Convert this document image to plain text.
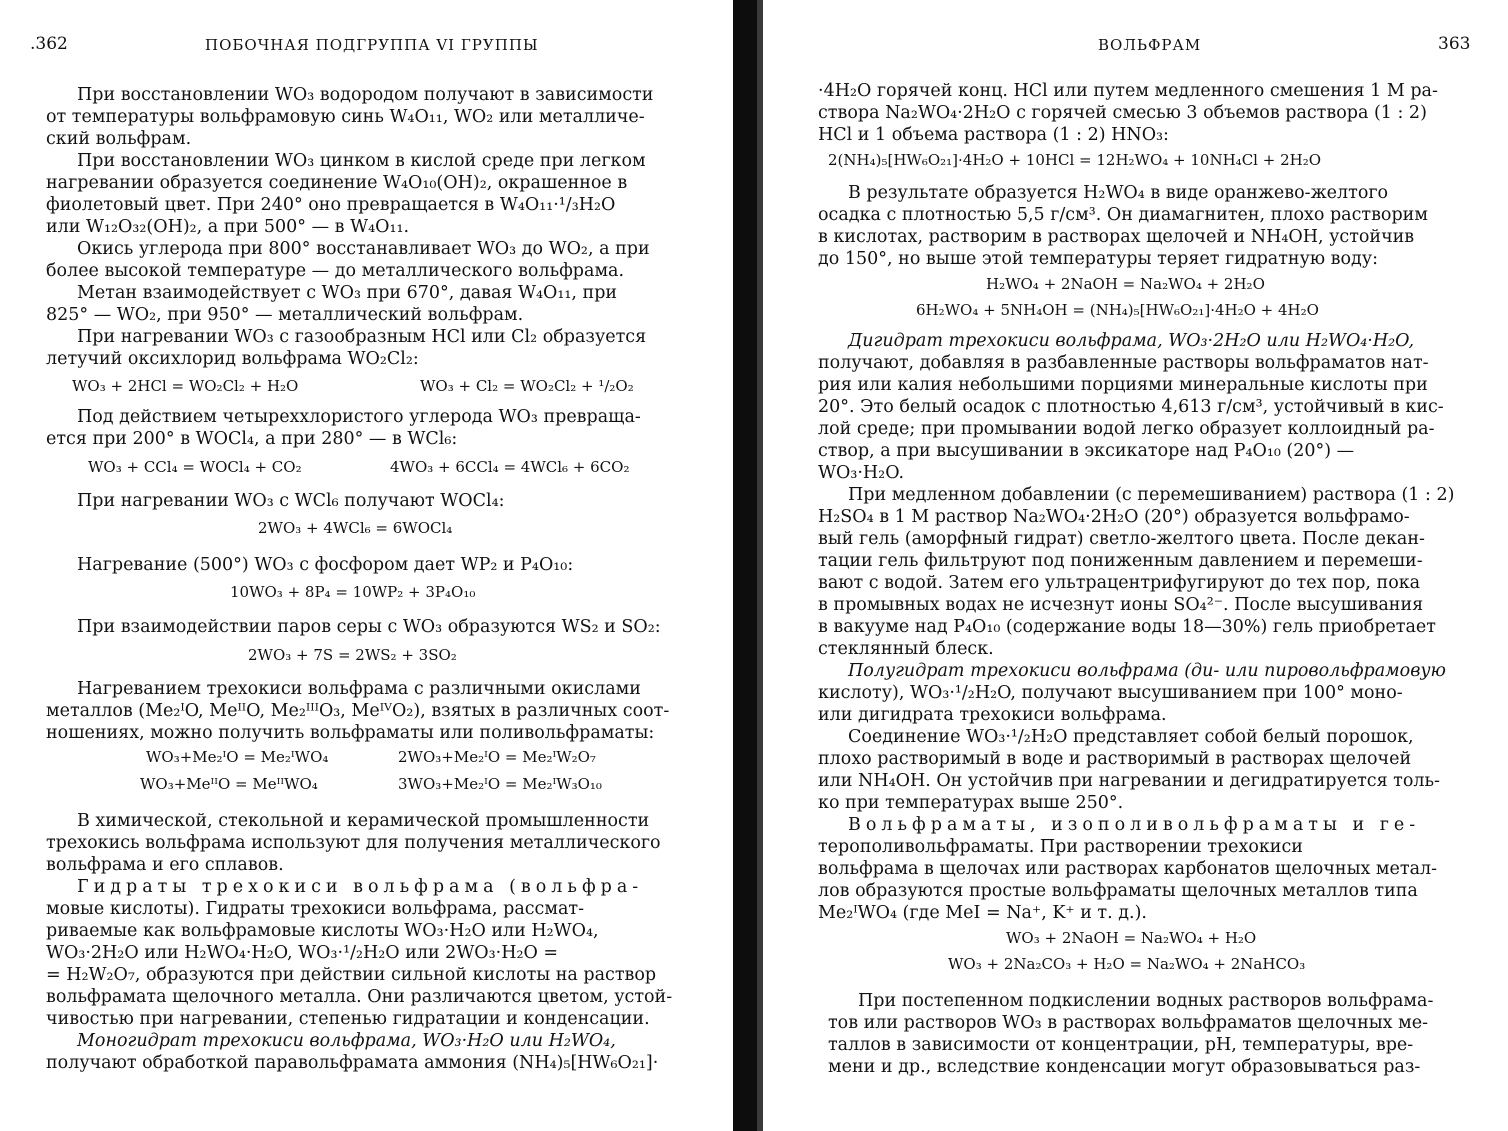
.362	ПОБОЧНАЯ ПОДГРУППА VI ГРУППЫ
При восстановлении WO₃ водородом получают в зависимости
от температуры вольфрамовую синь W₄O₁₁, WO₂ или металличе-
ский вольфрам.
При восстановлении WO₃ цинком в кислой среде при легком
нагревании образуется соединение W₄O₁₀(OH)₂, окрашенное в
фиолетовый цвет. При 240° оно превращается в W₄O₁₁·¹/₃H₂O
или W₁₂O₃₂(OH)₂, а при 500° — в W₄O₁₁.
Окись углерода при 800° восстанавливает WO₃ до WO₂, а при
более высокой температуре — до металлического вольфрама.
Метан взаимодействует с WO₃ при 670°, давая W₄O₁₁, при
825° — WO₂, при 950° — металлический вольфрам.
При нагревании WO₃ с газообразным HCl или Cl₂ образуется
летучий оксихлорид вольфрама WO₂Cl₂:
WO₃ + 2HCl = WO₂Cl₂ + H₂O	WO₃ + Cl₂ = WO₂Cl₂ + ¹/₂O₂
Под действием четыреххлористого углерода WO₃ превраща-
ется при 200° в WOCl₄, а при 280° — в WCl₆:
WO₃ + CCl₄ = WOCl₄ + CO₂	4WO₃ + 6CCl₄ = 4WCl₆ + 6CO₂
При нагревании WO₃ с WCl₆ получают WOCl₄:
2WO₃ + 4WCl₆ = 6WOCl₄
Нагревание (500°) WO₃ с фосфором дает WP₂ и P₄O₁₀:
10WO₃ + 8P₄ = 10WP₂ + 3P₄O₁₀
При взаимодействии паров серы с WO₃ образуются WS₂ и SO₂:
2WO₃ + 7S = 2WS₂ + 3SO₂
Нагреванием трехокиси вольфрама с различными окислами
металлов (Me₂ᴵO, MeᴵᴵO, Me₂ᴵᴵᴵO₃, MeᴵⱽO₂), взятых в различных соот-
ношениях, можно получить вольфраматы или поливольфраматы:
WO₃+Me₂ᴵO = Me₂ᴵWO₄	2WO₃+Me₂ᴵO = Me₂ᴵW₂O₇
WO₃+MeᴵᴵO = MeᴵᴵWO₄	3WO₃+Me₂ᴵO = Me₂ᴵW₃O₁₀
В химической, стекольной и керамической промышленности
трехокись вольфрама используют для получения металлического
вольфрама и его сплавов.
Гидраты трехокиси вольфрама (вольфра-
мовые кислоты). Гидраты трехокиси вольфрама, рассмат-
риваемые как вольфрамовые кислоты WO₃·H₂O или H₂WO₄,
WO₃·2H₂O или H₂WO₄·H₂O, WO₃·¹/₂H₂O или 2WO₃·H₂O =
= H₂W₂O₇, образуются при действии сильной кислоты на раствор
вольфрамата щелочного металла. Они различаются цветом, устой-
чивостью при нагревании, степенью гидратации и конденсации.
Моногидрат трехокиси вольфрама, WO₃·H₂O или H₂WO₄,
получают обработкой паравольфрамата аммония (NH₄)₅[HW₆O₂₁]·
ВОЛЬФРАМ	363
·4H₂O горячей конц. HCl или путем медленного смешения 1 M ра-
створа Na₂WO₄·2H₂O с горячей смесью 3 объемов раствора (1 : 2)
HCl и 1 объема раствора (1 : 2) HNO₃:
2(NH₄)₅[HW₆O₂₁]·4H₂O + 10HCl = 12H₂WO₄ + 10NH₄Cl + 2H₂O
В результате образуется H₂WO₄ в виде оранжево-желтого
осадка с плотностью 5,5 г/см³. Он диамагнитен, плохо растворим
в кислотах, растворим в растворах щелочей и NH₄OH, устойчив
до 150°, но выше этой температуры теряет гидратную воду:
H₂WO₄ + 2NaOH = Na₂WO₄ + 2H₂O
6H₂WO₄ + 5NH₄OH = (NH₄)₅[HW₆O₂₁]·4H₂O + 4H₂O
Дигидрат трехокиси вольфрама, WO₃·2H₂O или H₂WO₄·H₂O,
получают, добавляя в разбавленные растворы вольфраматов нат-
рия или калия небольшими порциями минеральные кислоты при
20°. Это белый осадок с плотностью 4,613 г/см³, устойчивый в кис-
лой среде; при промывании водой легко образует коллоидный ра-
створ, а при высушивании в эксикаторе над P₄O₁₀ (20°) —
WO₃·H₂O.
При медленном добавлении (с перемешиванием) раствора (1 : 2)
H₂SO₄ в 1 M раствор Na₂WO₄·2H₂O (20°) образуется вольфрамо-
вый гель (аморфный гидрат) светло-желтого цвета. После декан-
тации гель фильтруют под пониженным давлением и перемеши-
вают с водой. Затем его ультрацентрифугируют до тех пор, пока
в промывных водах не исчезнут ионы SO₄²⁻. После высушивания
в вакууме над P₄O₁₀ (содержание воды 18—30%) гель приобретает
стеклянный блеск.
Полугидрат трехокиси вольфрама (ди- или пировольфрамовую
кислоту), WO₃·¹/₂H₂O, получают высушиванием при 100° моно-
или дигидрата трехокиси вольфрама.
Соединение WO₃·¹/₂H₂O представляет собой белый порошок,
плохо растворимый в воде и растворимый в растворах щелочей
или NH₄OH. Он устойчив при нагревании и дегидратируется толь-
ко при температурах выше 250°.
Вольфраматы, изополивольфраматы и ге-
терополивольфраматы. При растворении трехокиси
вольфрама в щелочах или растворах карбонатов щелочных метал-
лов образуются простые вольфраматы щелочных металлов типа
Me₂ᴵWO₄ (где MeI = Na⁺, K⁺ и т. д.).
WO₃ + 2NaOH = Na₂WO₄ + H₂O
WO₃ + 2Na₂CO₃ + H₂O = Na₂WO₄ + 2NaHCO₃
При постепенном подкислении водных растворов вольфрама-
тов или растворов WO₃ в растворах вольфраматов щелочных ме-
таллов в зависимости от концентрации, pH, температуры, вре-
мени и др., вследствие конденсации могут образовываться раз-
